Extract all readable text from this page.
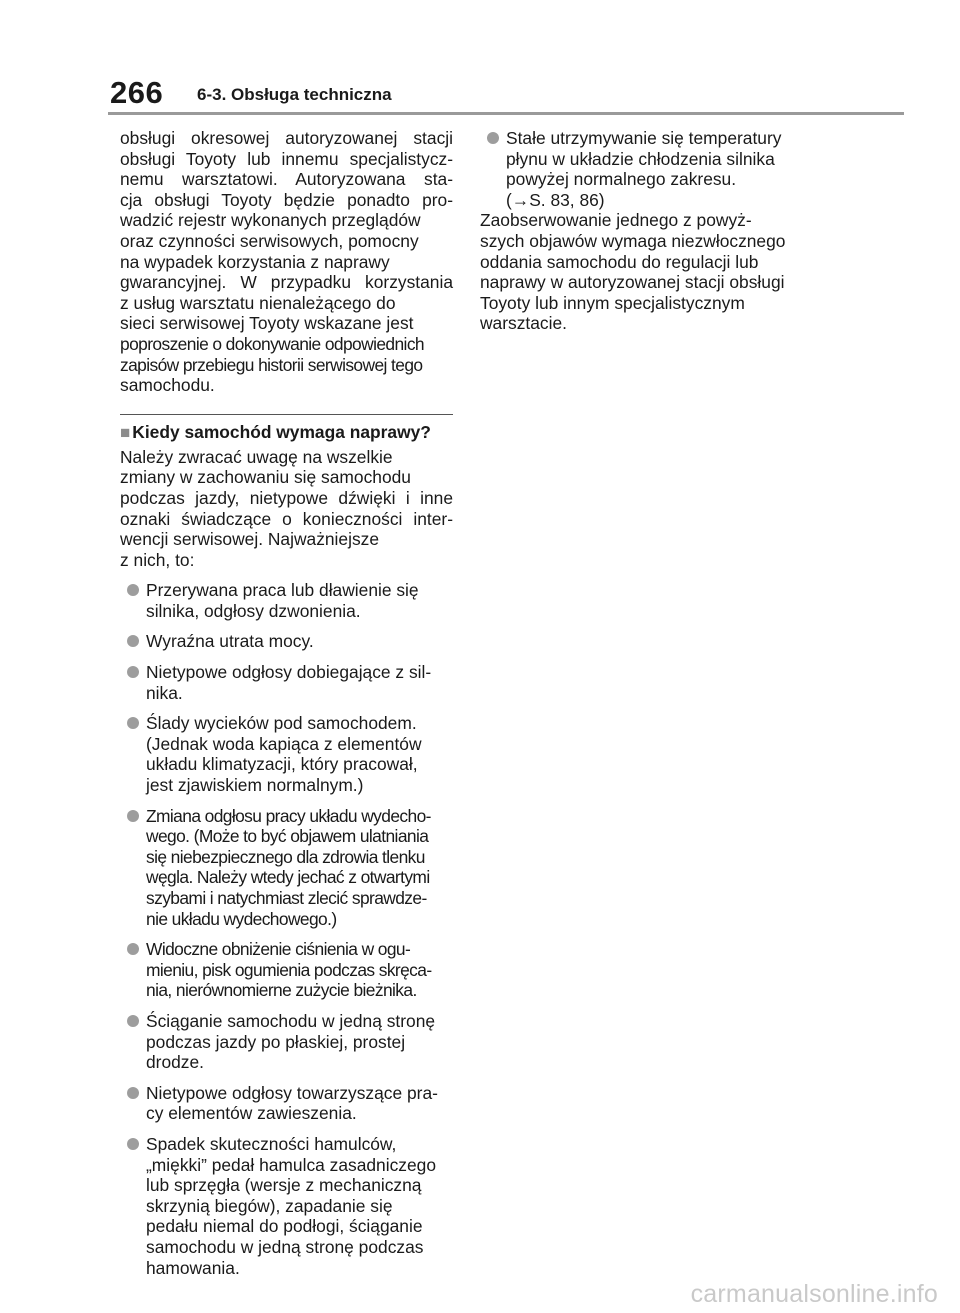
266 6-3. Obsługa techniczna

obsługi okresowej autoryzowanej stacji
obsługi Toyoty lub innemu specjalistycz-
nemu warsztatowi. Autoryzowana sta-
cja obsługi Toyoty będzie ponadto pro-
wadzić rejestr wykonanych przeglądów
oraz czynności serwisowych, pomocny
na wypadek korzystania z naprawy
gwarancyjnej. W przypadku korzystania
z usług warsztatu nienależącego do
sieci serwisowej Toyoty wskazane jest
poproszenie o dokonywanie odpowiednich
zapisów przebiegu historii serwisowej tego
samochodu.

■ Kiedy samochód wymaga naprawy?

Należy zwracać uwagę na wszelkie
zmiany w zachowaniu się samochodu
podczas jazdy, nietypowe dźwięki i inne
oznaki świadczące o konieczności inter-
wencji serwisowej. Najważniejsze
z nich, to:

Przerywana praca lub dławienie się
silnika, odgłosy dzwonienia.
Wyraźna utrata mocy.
Nietypowe odgłosy dobiegające z sil-
nika.
Ślady wycieków pod samochodem.
(Jednak woda kapiąca z elementów
układu klimatyzacji, który pracował,
jest zjawiskiem normalnym.)
Zmiana odgłosu pracy układu wydecho-
wego. (Może to być objawem ulatniania
się niebezpiecznego dla zdrowia tlenku
węgla. Należy wtedy jechać z otwartymi
szybami i natychmiast zlecić sprawdze-
nie układu wydechowego.)
Widoczne obniżenie ciśnienia w ogu-
mieniu, pisk ogumienia podczas skręca-
nia, nierównomierne zużycie bieżnika.
Ściąganie samochodu w jedną stronę
podczas jazdy po płaskiej, prostej
drodze.
Nietypowe odgłosy towarzyszące pra-
cy elementów zawieszenia.
Spadek skuteczności hamulców,
„miękki” pedał hamulca zasadniczego
lub sprzęgła (wersje z mechaniczną
skrzynią biegów), zapadanie się
pedału niemal do podłogi, ściąganie
samochodu w jedną stronę podczas
hamowania.
Stałe utrzymywanie się temperatury
płynu w układzie chłodzenia silnika
powyżej normalnego zakresu.
(→S. 83, 86)

Zaobserwowanie jednego z powyż-
szych objawów wymaga niezwłocznego
oddania samochodu do regulacji lub
naprawy w autoryzowanej stacji obsługi
Toyoty lub innym specjalistycznym
warsztacie.

carmanualsonline.info
